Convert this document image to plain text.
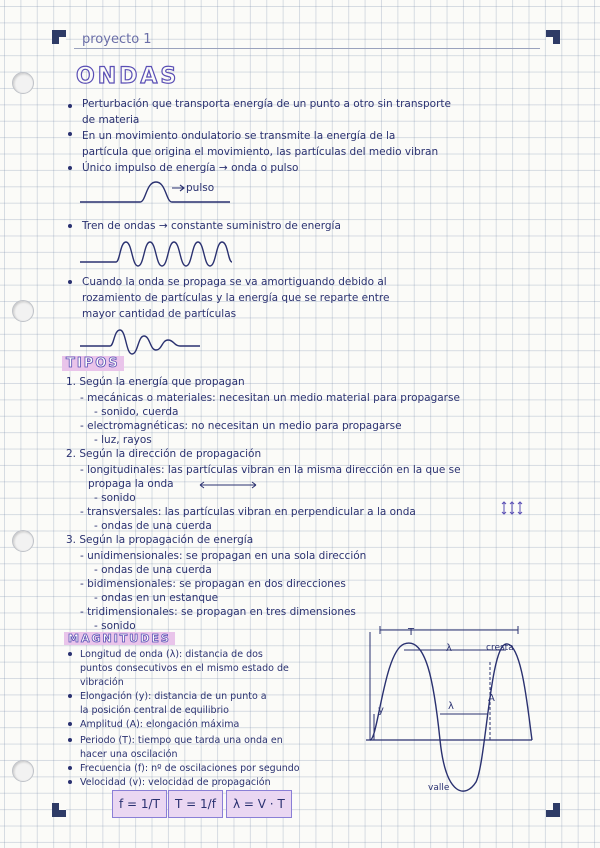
proyecto 1
ONDAS
Perturbación que transporta energía de un punto a otro sin transporte
de materia
En un movimiento ondulatorio se transmite la energía de la
partícula que origina el movimiento, las partículas del medio vibran
Único impulso de energía → onda o pulso
pulso
Tren de ondas → constante suministro de energía
Cuando la onda se propaga se va amortiguando debido al
rozamiento de partículas y la energía que se reparte entre
mayor cantidad de partículas
TIPOS
1. Según la energía que propagan
- mecánicas o materiales: necesitan un medio material para propagarse
- sonido, cuerda
- electromagnéticas: no necesitan un medio para propagarse
- luz, rayos
2. Según la dirección de propagación
- longitudinales: las partículas vibran en la misma dirección en la que se
propaga la onda
- sonido
- transversales: las partículas vibran en perpendicular a la onda
- ondas de una cuerda
3. Según la propagación de energía
- unidimensionales: se propagan en una sola dirección
- ondas de una cuerda
- bidimensionales: se propagan en dos direcciones
- ondas en un estanque
- tridimensionales: se propagan en tres dimensiones
- sonido
MAGNITUDES
Longitud de onda (λ): distancia de dos
puntos consecutivos en el mismo estado de
vibración
Elongación (y): distancia de un punto a
la posición central de equilibrio
Amplitud (A): elongación máxima
Periodo (T): tiempo que tarda una onda en
hacer una oscilación
Frecuencia (f): nº de oscilaciones por segundo
Velocidad (v): velocidad de propagación
T
λ	cresta
A
y	λ
valle
f = 1/T	T = 1/f	λ = V · T
